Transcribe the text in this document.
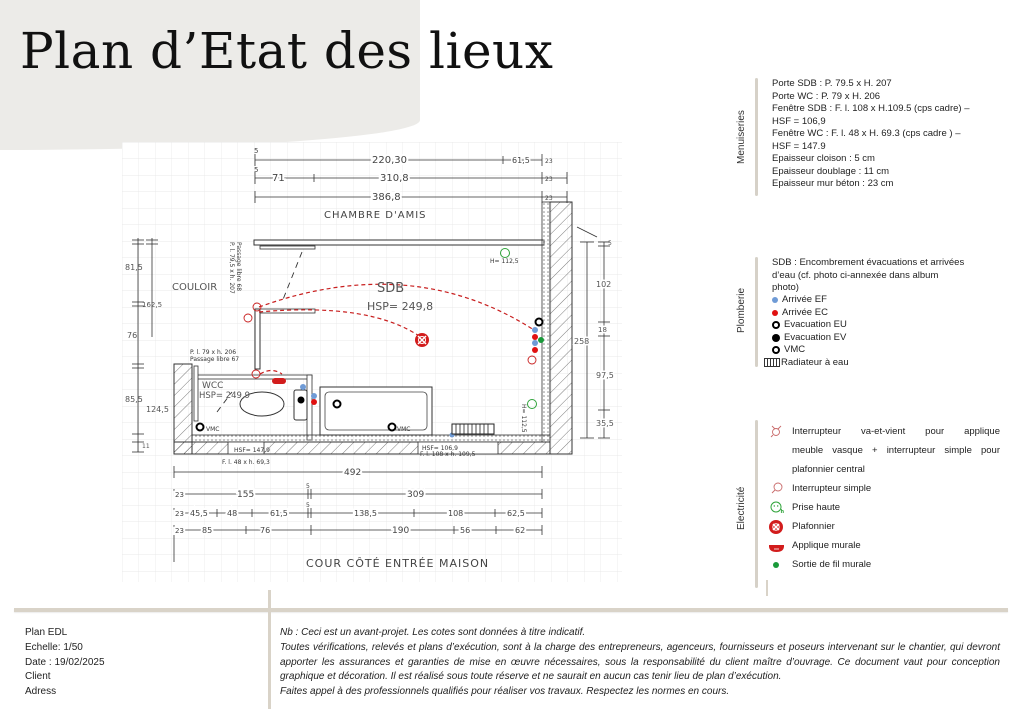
Plan d’Etat des lieux
5
220,30	61,5	23
5
71	310,8	23
386,8	23
CHAMBRE D'AMIS
SDB
HSP= 249,8
COULOIR
WCC
HSP= 249,9
P. l. 79 x h. 206
Passage libre 67
P. l. 79,5 x h. 207 Passage libre 68
F. l. 48 x h. 69,3
HSF= 147,9	HSF= 106,9
F. l. 108 x h. 109,5
H= 112,5
H= 112,5
VMC	VMC
81,5
162,5
76
85,5
124,5
11
5
102
18
97,5
35,5
258
492
23	155
5
309
23 45,5 48	61,5
5
138,5	108	62,5
23 85	76	190	56	62
COUR CÔTÉ ENTRÉE MAISON
Menuiseries

Porte SDB : P. 79.5 x H. 207

Porte WC : P. 79 x H. 206

Fenêtre SDB : F. l. 108 x H.109.5 (cps cadre) –

HSF = 106,9

Fenêtre WC : F. l. 48 x H. 69.3 (cps cadre ) –

HSF = 147.9

Epaisseur cloison : 5 cm

Epaisseur doublage : 11 cm

Epaisseur mur béton : 23 cm

Plomberie

SDB : Encombrement évacuations et arrivées

d’eau (cf. photo ci-annexée dans album

photo)

Arrivée EF
Arrivée EC
Evacuation EU
Evacuation EV
VMC
Radiateur à eau
Electricité
Interrupteur va-et-vient pour applique
meuble vasque + interrupteur simple pour
plafonnier central
Interrupteur simple
h Prise haute
Plafonnier
Applique murale
Sortie de fil murale
Plan EDL
Echelle: 1/50
Date : 19/02/2025
Client
Adress

Nb : Ceci est un avant-projet. Les cotes sont données à titre indicatif.

Toutes vérifications, relevés et plans d’exécution, sont à la charge des entrepreneurs, agenceurs, fournisseurs et poseurs intervenant sur le chantier, qui devront apporter les assurances et garanties de mise en œuvre nécessaires, sous la responsabilité du client maître d’ouvrage. Ce document vaut pour conception graphique et décoration. Il est réalisé sous toute réserve et ne saurait en aucun cas tenir lieu de plan d’exécution.

Faites appel à des professionnels qualifiés pour réaliser vos travaux. Respectez les normes en cours.
